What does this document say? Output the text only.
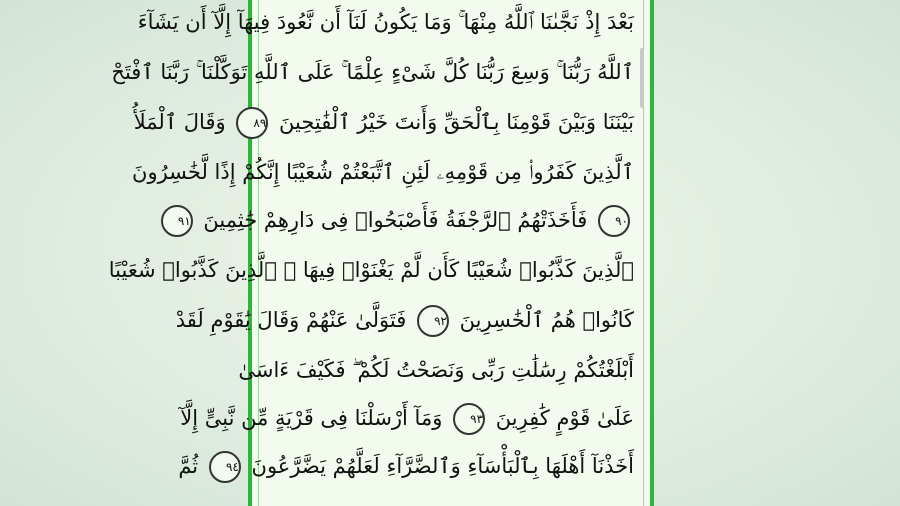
بَعْدَ إِذْ نَجَّىٰنَا ٱللَّهُ مِنْهَا ۚ وَمَا يَكُونُ لَنَآ أَن نَّعُودَ فِيهَآ إِلَّآ أَن يَشَآءَ
ٱللَّهُ رَبُّنَا ۚ وَسِعَ رَبُّنَا كُلَّ شَىْءٍ عِلْمًا ۚ عَلَى ٱللَّهِ تَوَكَّلْنَا ۚ رَبَّنَا ٱفْتَحْ
بَيْنَنَا وَبَيْنَ قَوْمِنَا بِٱلْحَقِّ وَأَنتَ خَيْرُ ٱلْفَٰتِحِينَ ٨٩ وَقَالَ ٱلْمَلَأُ
ٱلَّذِينَ كَفَرُوا۟ مِن قَوْمِهِۦ لَئِنِ ٱتَّبَعْتُمْ شُعَيْبًا إِنَّكُمْ إِذًا لَّخَٰسِرُونَ
٩٠ فَأَخَذَتْهُمُ ٱلرَّجْفَةُ فَأَصْبَحُوا۟ فِى دَارِهِمْ جَٰثِمِينَ ٩١
ٱلَّذِينَ كَذَّبُوا۟ شُعَيْبًا كَأَن لَّمْ يَغْنَوْا۟ فِيهَا ۚ ٱلَّذِينَ كَذَّبُوا۟ شُعَيْبًا
كَانُوا۟ هُمُ ٱلْخَٰسِرِينَ ٩٢ فَتَوَلَّىٰ عَنْهُمْ وَقَالَ يَٰقَوْمِ لَقَدْ
أَبْلَغْتُكُمْ رِسَٰلَٰتِ رَبِّى وَنَصَحْتُ لَكُمْ ۖ فَكَيْفَ ءَاسَىٰ
عَلَىٰ قَوْمٍ كَٰفِرِينَ ٩٣ وَمَآ أَرْسَلْنَا فِى قَرْيَةٍ مِّن نَّبِىٍّ إِلَّآ
أَخَذْنَآ أَهْلَهَا بِٱلْبَأْسَآءِ وَٱلضَّرَّآءِ لَعَلَّهُمْ يَضَّرَّعُونَ ٩٤ ثُمَّ
